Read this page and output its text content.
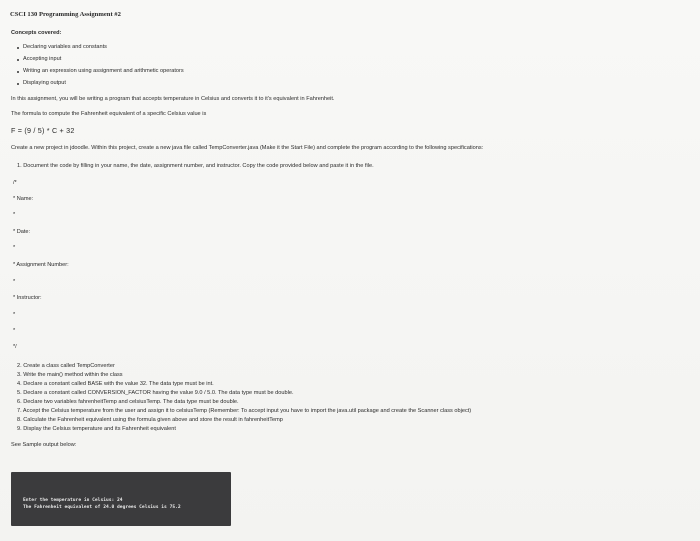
CSCI 130 Programming Assignment #2
Concepts covered:
Declaring variables and constants
Accepting input
Writing an expression using assignment and arithmetic operators
Displaying output
In this assignment, you will be writing a program that accepts temperature in Celsius and converts it to it's equivalent in Fahrenheit.
The formula to compute the Fahrenheit equivalent of a specific Celsius value is
F = (9 / 5) * C + 32
Create a new project in jdoodle. Within this project, create a new java file called TempConverter.java (Make it the Start File) and complete the program according to the following specifications:
1. Document the code by filling in your name, the date, assignment number, and instructor. Copy the code provided below and paste it in the file.
/*
* Name:
*
* Date:
*
* Assignment Number:
*
* Instructor:
*
*
*/
2. Create a class called TempConverter
3. Write the main() method within the class
4. Declare a constant called BASE with the value 32. The data type must be int.
5. Declare a constant called CONVERSION_FACTOR having the value 9.0 / 5.0. The data type must be double.
6. Declare two variables fahrenheitTemp and celsiusTemp. The data type must be double.
7. Accept the Celsius temperature from the user and assign it to celsiusTemp (Remember: To accept input you have to import the java.util package and create the Scanner class object)
8. Calculate the Fahrenheit equivalent using the formula given above and store the result in fahrenheitTemp
9. Display the Celsius temperature and its Fahrenheit equivalent
See Sample output below:
Enter the temperature in Celsius: 24
The Fahrenheit equivalent of 24.0 degrees Celsius is 75.2
